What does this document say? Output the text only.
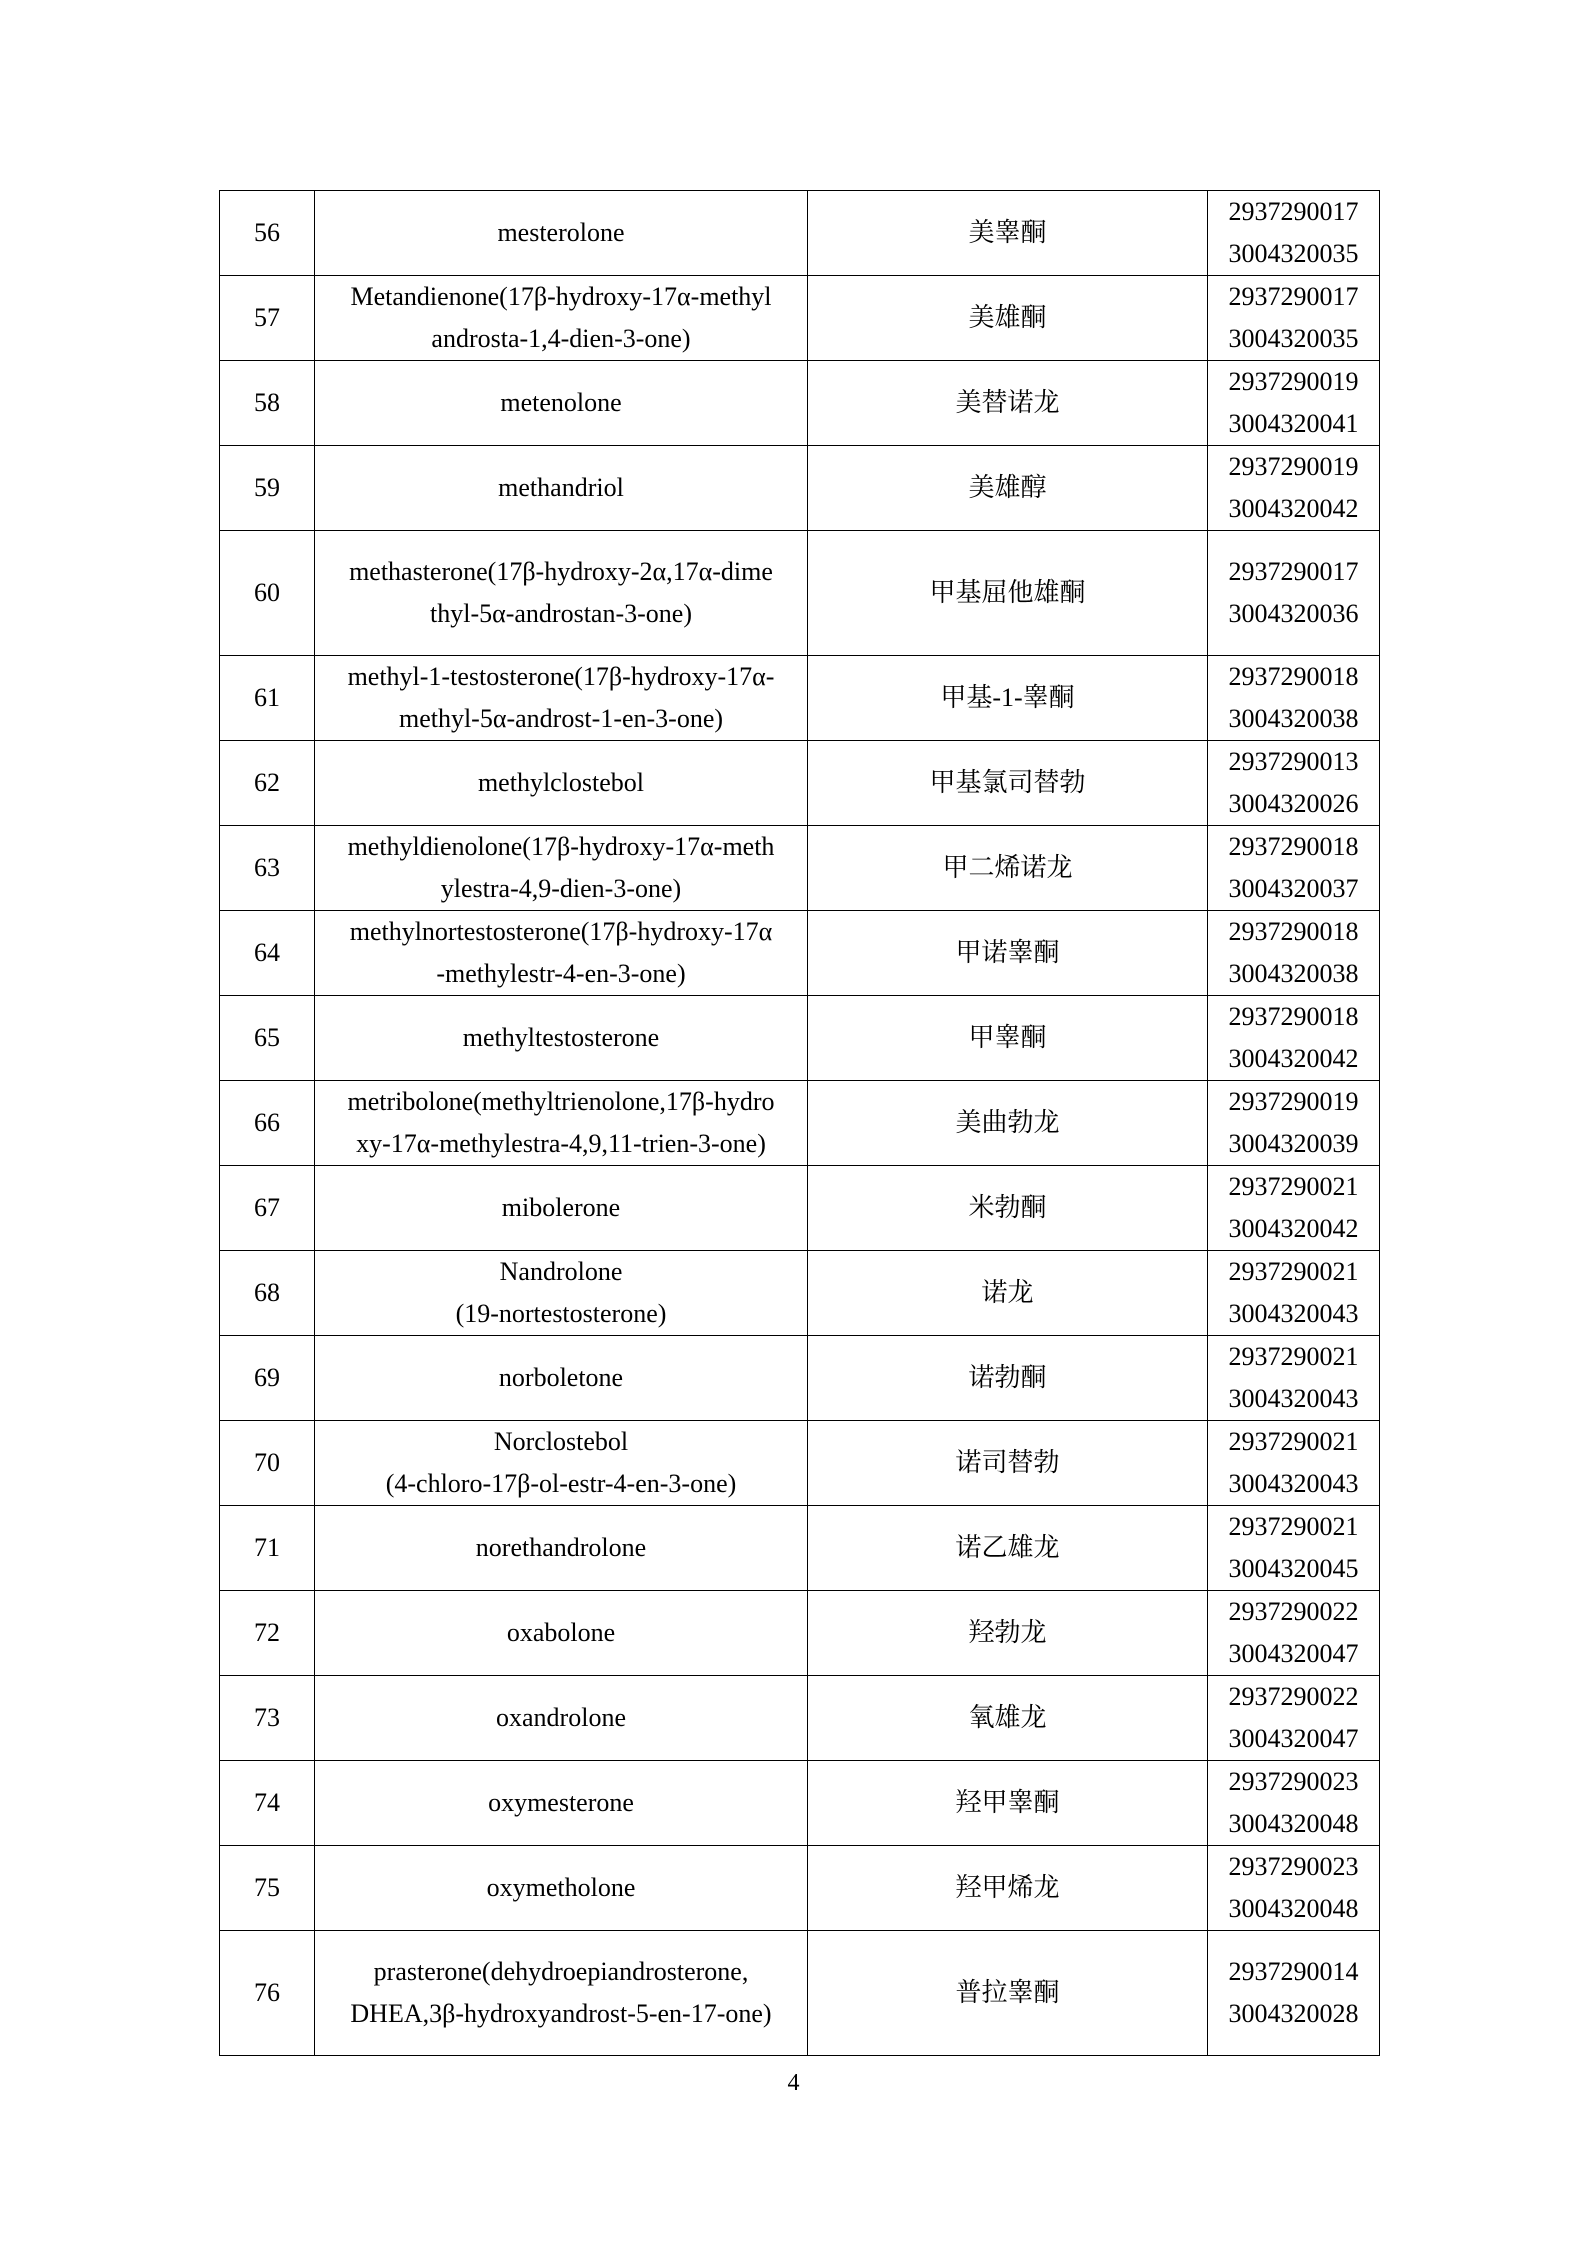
56	mesterolone	美睾酮	2937290017
3004320035

57	Metandienone(17β-hydroxy-17α-methyl
androsta-1,4-dien-3-one)	美雄酮	2937290017
3004320035

58	metenolone	美替诺龙	2937290019
3004320041

59	methandriol	美雄醇	2937290019
3004320042

60	methasterone(17β-hydroxy-2α,17α-dime
thyl-5α-androstan-3-one)	甲基屈他雄酮	2937290017
3004320036

61	methyl-1-testosterone(17β-hydroxy-17α-
methyl-5α-androst-1-en-3-one)	甲基-1-睾酮	2937290018
3004320038

62	methylclostebol	甲基氯司替勃	2937290013
3004320026

63	methyldienolone(17β-hydroxy-17α-meth
ylestra-4,9-dien-3-one)	甲二烯诺龙	2937290018
3004320037

64	methylnortestosterone(17β-hydroxy-17α
-methylestr-4-en-3-one)	甲诺睾酮	2937290018
3004320038

65	methyltestosterone	甲睾酮	2937290018
3004320042

66	metribolone(methyltrienolone,17β-hydro
xy-17α-methylestra-4,9,11-trien-3-one)	美曲勃龙	2937290019
3004320039

67	mibolerone	米勃酮	2937290021
3004320042

68	Nandrolone
(19-nortestosterone)	诺龙	2937290021
3004320043

69	norboletone	诺勃酮	2937290021
3004320043

70	Norclostebol
(4-chloro-17β-ol-estr-4-en-3-one)	诺司替勃	2937290021
3004320043

71	norethandrolone	诺乙雄龙	2937290021
3004320045

72	oxabolone	羟勃龙	2937290022
3004320047

73	oxandrolone	氧雄龙	2937290022
3004320047

74	oxymesterone	羟甲睾酮	2937290023
3004320048

75	oxymetholone	羟甲烯龙	2937290023
3004320048

76	prasterone(dehydroepiandrosterone,
DHEA,3β-hydroxyandrost-5-en-17-one)	普拉睾酮	2937290014
3004320028
4
